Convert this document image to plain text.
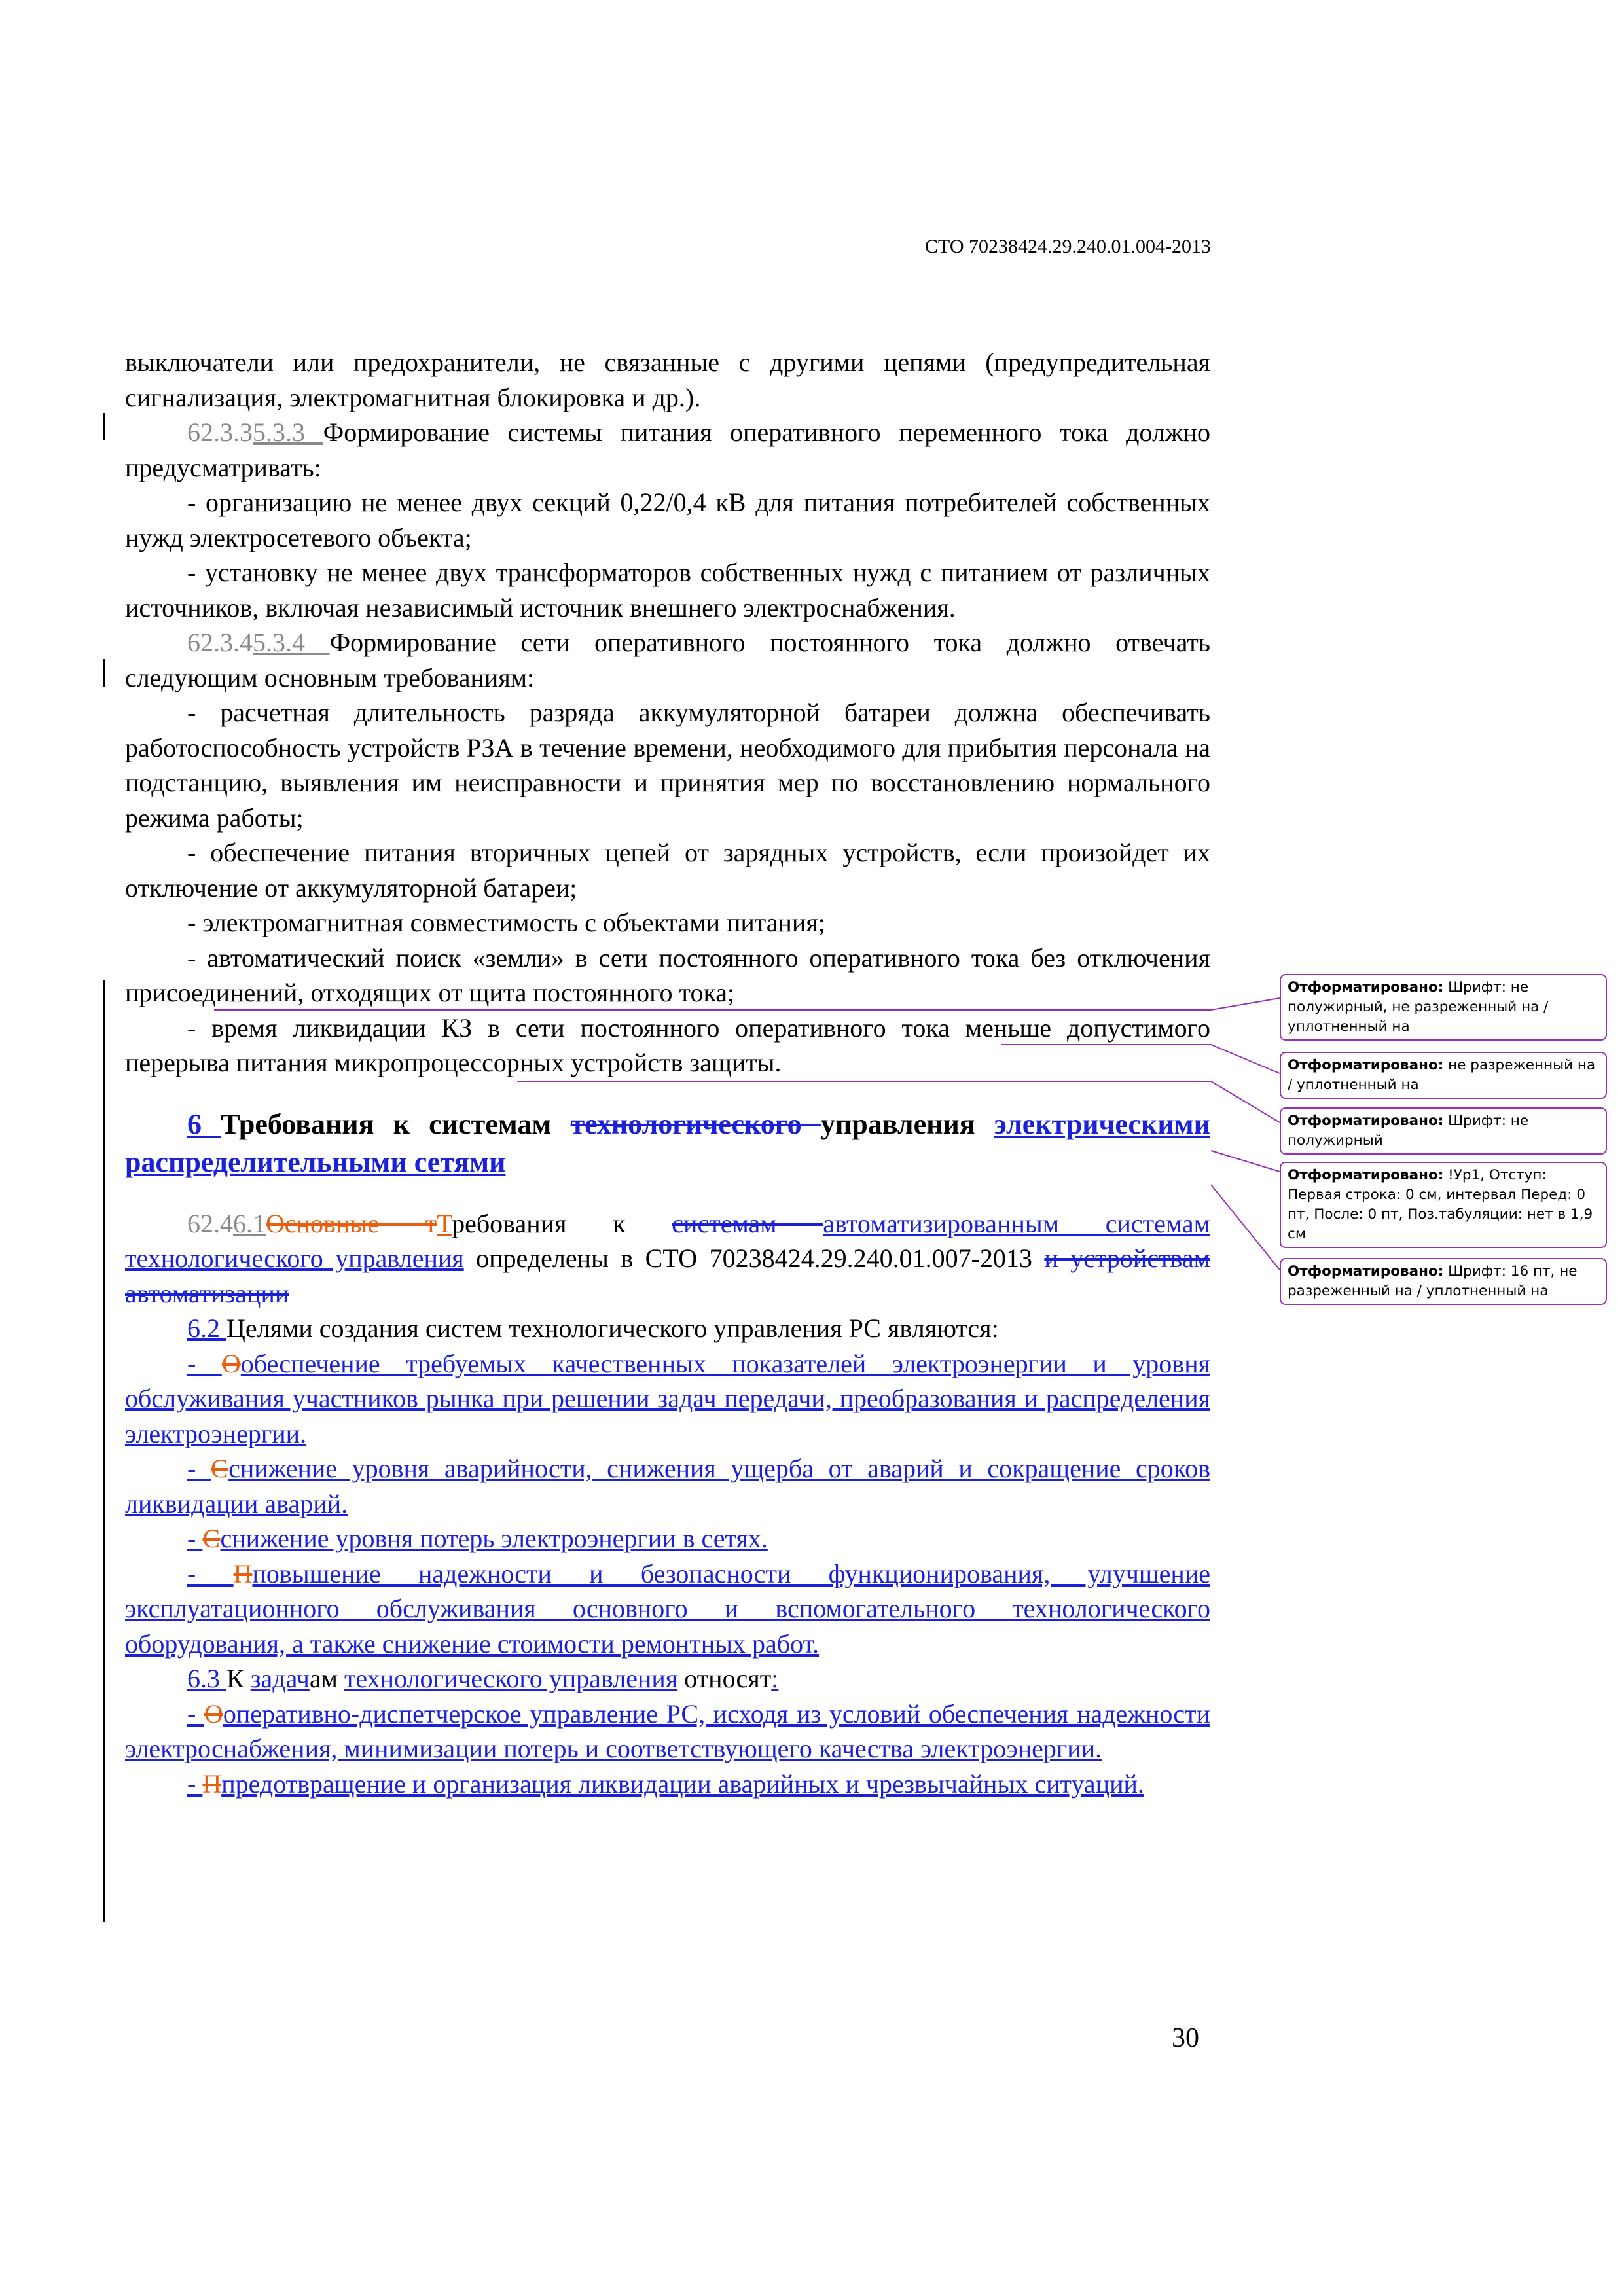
СТО 70238424.29.240.01.004-2013

выключатели или предохранители, не связанные с другими цепями (предупредительная сигнализация, электромагнитная блокировка и др.).

62.3.35.3.3 Формирование системы питания оперативного переменного тока должно предусматривать:

- организацию не менее двух секций 0,22/0,4 кВ для питания потребителей собственных нужд электросетевого объекта;

- установку не менее двух трансформаторов собственных нужд с питанием от различных источников, включая независимый источник внешнего электроснабжения.

62.3.45.3.4 Формирование сети оперативного постоянного тока должно отвечать следующим основным требованиям:

- расчетная длительность разряда аккумуляторной батареи должна обеспечивать работоспособность устройств РЗА в течение времени, необходимого для прибытия персонала на подстанцию, выявления им неисправности и принятия мер по восстановлению нормального режима работы;

- обеспечение питания вторичных цепей от зарядных устройств, если произойдет их отключение от аккумуляторной батареи;

- электромагнитная совместимость с объектами питания;

- автоматический поиск «земли» в сети постоянного оперативного тока без отключения присоединений, отходящих от щита постоянного тока;

- время ликвидации КЗ в сети постоянного оперативного тока меньше допустимого перерыва питания микропроцессорных устройств защиты.

6 Требования к системам технологического управления электрическими распределительными сетями

62.46.1Основные тТребования к системам автоматизированным системам технологического управления определены в СТО 70238424.29.240.01.007-2013 и устройствам автоматизации

6.2 Целями создания систем технологического управления РС являются:

- Ообеспечение требуемых качественных показателей электроэнергии и уровня обслуживания участников рынка при решении задач передачи, преобразования и распределения электроэнергии.

- Сснижение уровня аварийности, снижения ущерба от аварий и сокращение сроков ликвидации аварий.

- Сснижение уровня потерь электроэнергии в сетях.

- Пповышение надежности и безопасности функционирования, улучшение эксплуатационного обслуживания основного и вспомогательного технологического оборудования, а также снижение стоимости ремонтных работ.

6.3 К задачам технологического управления относят:

- Ооперативно-диспетчерское управление РС, исходя из условий обеспечения надежности электроснабжения, минимизации потерь и соответствующего качества электроэнергии.

- Ппредотвращение и организация ликвидации аварийных и чрезвычайных ситуаций.

Отформатировано: Шрифт: не полужирный, не разреженный на / уплотненный на
Отформатировано: не разреженный на / уплотненный на
Отформатировано: Шрифт: не полужирный
Отформатировано: !Ур1, Отступ: Первая строка: 0 см, интервал Перед: 0 пт, После: 0 пт, Поз.табуляции: нет в 1,9 см
Отформатировано: Шрифт: 16 пт, не разреженный на / уплотненный на
30
